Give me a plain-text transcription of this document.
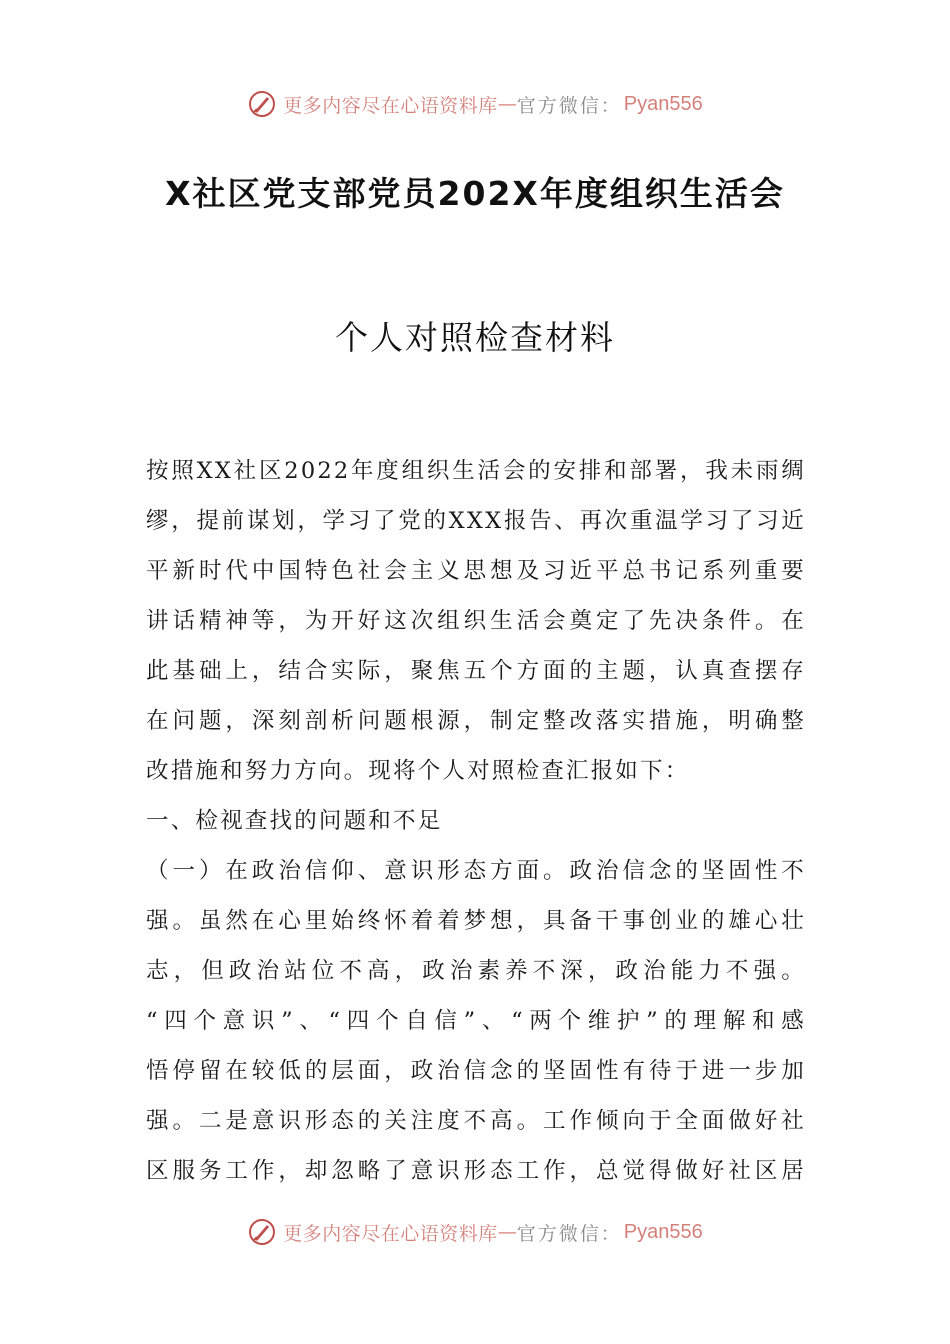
更多内容尽在心语资料库 — 官方微信： Pyan556
X社区党支部党员202X年度组织生活会
个人对照检查材料
按照XX社区2022年度组织生活会的安排和部署，我未雨绸
缪，提前谋划，学习了党的XXX报告、再次重温学习了习近
平新时代中国特色社会主义思想及习近平总书记系列重要
讲话精神等，为开好这次组织生活会奠定了先决条件。在
此基础上，结合实际，聚焦五个方面的主题，认真查摆存
在问题，深刻剖析问题根源，制定整改落实措施，明确整
改措施和努力方向。现将个人对照检查汇报如下：
一、检视查找的问题和不足
（一）在政治信仰、意识形态方面。政治信念的坚固性不
强。虽然在心里始终怀着着梦想，具备干事创业的雄心壮
志，但政治站位不高，政治素养不深，政治能力不强。
“四个意识”、“四个自信”、“两个维护”的理解和感
悟停留在较低的层面，政治信念的坚固性有待于进一步加
强。二是意识形态的关注度不高。工作倾向于全面做好社
区服务工作，却忽略了意识形态工作，总觉得做好社区居
更多内容尽在心语资料库 — 官方微信： Pyan556
